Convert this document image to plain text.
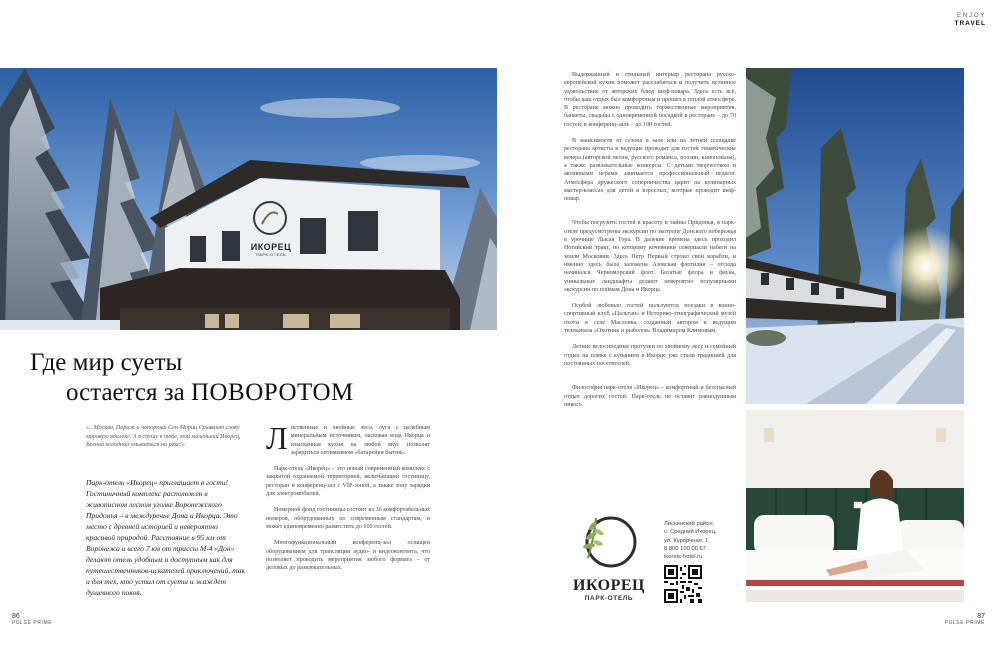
ENJOY
TRAVEL
ИКОРЕЦ
ПАРК-ОТЕЛЬ
Где мир суеты
остается за ПОВОРОТОМ
«...Москва, Париж и чопорный Сен-Мориц Срывают славу мировую вдалеке. А я спешу к тебе, мой маленький Икорец, Весной холодной умываться на реке!»
Парк-отель «Икорец» приглашает в гости! Гостиничный комплекс расположен в живописном лесном уголке Воронежского Придонья – в междуречье Дона и Икорца. Это место с древней историей и невероятно красивой природой. Расстояние в 95 км от Воронежа и всего 7 км от трассы М-4 «Дон» делают отель удобным и доступным как для путешественников-искателей приключений, так и для тех, кто устал от суеты и жаждет душевного покоя.

Лиственные и хвойные леса, луга с целебным минеральным источником, ласковая вода Икорца и изысканная кухня на любой вкус позволят зарядиться оптимизмом «батарейки бытия».

Парк-отель «Икорец» – это новый современный комплекс с закрытой охраняемой территорией, включающий гостиницу, ресторан и конференц-зал с VIP-зоной, а также зону зарядки для электромобилей.

Номерной фонд гостиницы состоит из 36 комфортабельных номеров, оборудованных по современным стандартам, и может единовременно разместить до 100 гостей.

Многофункциональный конференц-зал оснащен оборудованием для трансляции аудио- и видеоконтента, что позволяет проводить мероприятия любого формата – от деловых до развлекательных.

86
PULSE PRIME

Выдержанный и стильный интерьер ресторана русско-европейской кухни поможет расслабиться и получить истинное удовольствие от авторских блюд шеф-повара. Здесь есть всё, чтобы ваш отдых был комфортным и прошел в теплой атмосфере. В ресторане можно проводить торжественные мероприятия, банкеты, свадьбы с одновременной посадкой в ресторане – до 70 гостей, в конференц-зале – до 100 гостей.

В зависимости от сезона в зале или на летней площадке ресторана артисты и ведущие проводят для гостей тематические вечера (авторской песни, русского романса, поэзии, кинопоказы), а также развлекательные конкурсы. С детьми творчеством и активными играми занимается профессиональный педагог. Атмосфера дружеского соперничества царит на кулинарных мастер-классах для детей и взрослых, которые проводит шеф-повар.

Чтобы погрузить гостей в красоту и тайны Придонья, в парк-отеле предусмотрены экскурсии по экотропе Донского побережья в урочище Лысая Гора. В далекие времена здесь проходил Ногайский тракт, по которому кочевники совершали набеги на земли Московии. Здесь Петр Первый строил свои корабли, и именно здесь была заложена Азовская флотилия – отсюда начинался Черноморский флот. Богатые флора и фауна, уникальные ландшафты делают невероятно популярными экскурсии по поймам Дона и Икорца.

Особой любовью гостей пользуются поездки в конно-спортивный клуб «Цальтан» и Историко-этнографический музей охоты в селе Масловка, созданный автором и ведущим телеканала «Охотник и рыболов» Владимиром Климовым.

Летние велосипедные прогулки по хвойному лесу и семейный отдых на пляже с купанием в Икорце уже стали традицией для постоянных посетителей.

Философия парк-отеля «Икорец» – комфортный и безопасный отдых дорогих гостей. Парк-отель не оставит равнодушным никого.

ИКОРЕЦ
ПАРК-ОТЕЛЬ
Лискинский район,
с. Средний Икорец,
ул. Курорчная, 1
8 800 100 06 67
ikorets-hotel.ru
87
PULSE PRIME
